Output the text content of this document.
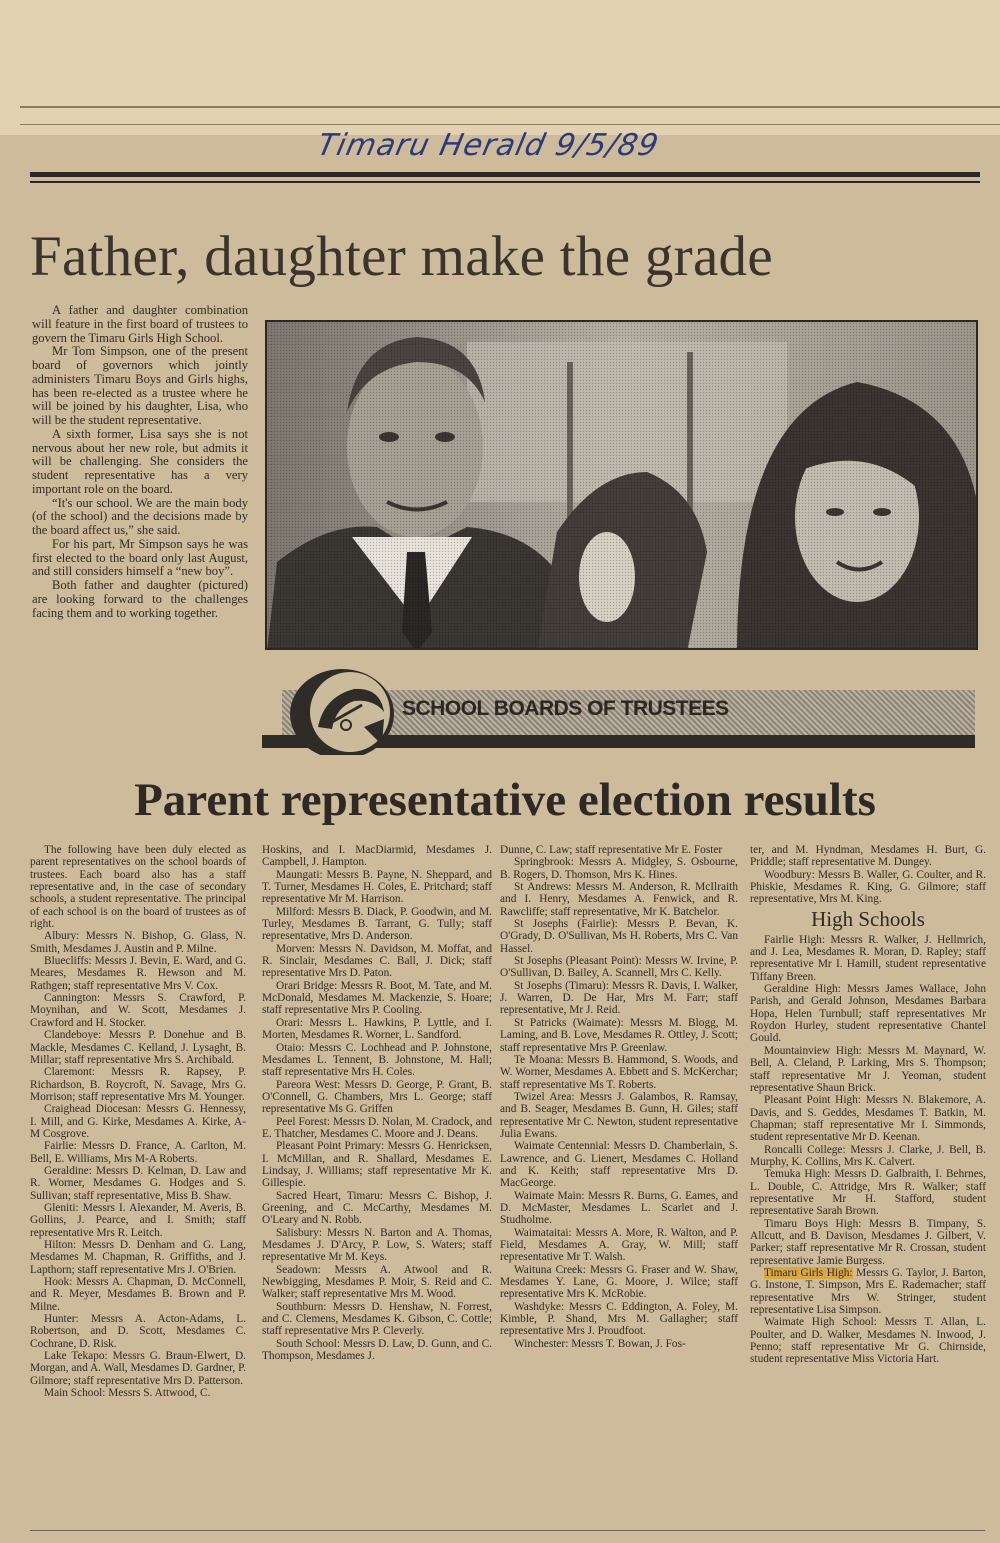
Timaru Herald 9/5/89
Father, daughter make the grade

A father and daughter combination will feature in the first board of trustees to govern the Timaru Girls High School.

Mr Tom Simpson, one of the present board of governors which jointly administers Timaru Boys and Girls highs, has been re-elected as a trustee where he will be joined by his daughter, Lisa, who will be the student representative.

A sixth former, Lisa says she is not nervous about her new role, but admits it will be challenging. She considers the student representative has a very important role on the board.

“It's our school. We are the main body (of the school) and the decisions made by the board affect us,” she said.

For his part, Mr Simpson says he was first elected to the board only last August, and still considers himself a “new boy”.

Both father and daughter (pictured) are looking forward to the challenges facing them and to working together.

SCHOOL BOARDS OF TRUSTEES
Parent representative election results

The following have been duly elected as parent representatives on the school boards of trustees. Each board also has a staff representative and, in the case of secondary schools, a student representative. The principal of each school is on the board of trustees as of right.

Albury: Messrs N. Bishop, G. Glass, N. Smith, Mesdames J. Austin and P. Milne.

Bluecliffs: Messrs J. Bevin, E. Ward, and G. Meares, Mesdames R. Hewson and M. Rathgen; staff representative Mrs V. Cox.

Cannington: Messrs S. Crawford, P. Moynihan, and W. Scott, Mesdames J. Crawford and H. Stocker.

Clandeboye: Messrs P. Donehue and B. Mackle, Mesdames C. Kelland, J. Lysaght, B. Millar; staff representative Mrs S. Archibald.

Claremont: Messrs R. Rapsey, P. Richardson, B. Roycroft, N. Savage, Mrs G. Morrison; staff representative Mrs M. Younger.

Craighead Diocesan: Messrs G. Hennessy, I. Mill, and G. Kirke, Mesdames A. Kirke, A-M Cosgrove.

Fairlie: Messrs D. France, A. Carlton, M. Bell, E. Williams, Mrs M-A Roberts.

Geraldine: Messrs D. Kelman, D. Law and R. Worner, Mesdames G. Hodges and S. Sullivan; staff representative, Miss B. Shaw.

Gleniti: Messrs I. Alexander, M. Averis, B. Gollins, J. Pearce, and I. Smith; staff representative Mrs R. Leitch.

Hilton: Messrs D. Denham and G. Lang, Mesdames M. Chapman, R. Griffiths, and J. Lapthorn; staff representative Mrs J. O'Brien.

Hook: Messrs A. Chapman, D. McConnell, and R. Meyer, Mesdames B. Brown and P. Milne.

Hunter: Messrs A. Acton-Adams, L. Robertson, and D. Scott, Mesdames C. Cochrane, D. Risk.

Lake Tekapo: Messrs G. Braun-Elwert, D. Morgan, and A. Wall, Mesdames D. Gardner, P. Gilmore; staff representative Mrs D. Patterson.

Main School: Messrs S. Attwood, C.

Hoskins, and I. MacDiarmid, Mesdames J. Campbell, J. Hampton.

Maungati: Messrs B. Payne, N. Sheppard, and T. Turner, Mesdames H. Coles, E. Pritchard; staff representative Mr M. Harrison.

Milford: Messrs B. Diack, P. Goodwin, and M. Turley, Mesdames B. Tarrant, G. Tully; staff representative, Mrs D. Anderson.

Morven: Messrs N. Davidson, M. Moffat, and R. Sinclair, Mesdames C. Ball, J. Dick; staff representative Mrs D. Paton.

Orari Bridge: Messrs R. Boot, M. Tate, and M. McDonald, Mesdames M. Mackenzie, S. Hoare; staff representative Mrs P. Cooling.

Orari: Messrs L. Hawkins, P. Lyttle, and I. Morten, Mesdames R. Worner, L. Sandford.

Otaio: Messrs C. Lochhead and P. Johnstone, Mesdames L. Tennent, B. Johnstone, M. Hall; staff representative Mrs H. Coles.

Pareora West: Messrs D. George, P. Grant, B. O'Connell, G. Chambers, Mrs L. George; staff representative Ms G. Griffen

Peel Forest: Messrs D. Nolan, M. Cradock, and E. Thatcher, Mesdames C. Moore and J. Deans.

Pleasant Point Primary: Messrs G. Henricksen, I. McMillan, and R. Shallard, Mesdames E. Lindsay, J. Williams; staff representative Mr K. Gillespie.

Sacred Heart, Timaru: Messrs C. Bishop, J. Greening, and C. McCarthy, Mesdames M. O'Leary and N. Robb.

Salisbury: Messrs N. Barton and A. Thomas, Mesdames J. D'Arcy, P. Low, S. Waters; staff representative Mr M. Keys.

Seadown: Messrs A. Atwool and R. Newbigging, Mesdames P. Moir, S. Reid and C. Walker; staff representative Mrs M. Wood.

Southburn: Messrs D. Henshaw, N. Forrest, and C. Clemens, Mesdames K. Gibson, C. Cottle; staff representative Mrs P. Cleverly.

South School: Messrs D. Law, D. Gunn, and C. Thompson, Mesdames J.

Dunne, C. Law; staff representative Mr E. Foster

Springbrook: Messrs A. Midgley, S. Osbourne, B. Rogers, D. Thomson, Mrs K. Hines.

St Andrews: Messrs M. Anderson, R. McIlraith and I. Henry, Mesdames A. Fenwick, and R. Rawcliffe; staff representative, Mr K. Batchelor.

St Josephs (Fairlie): Messrs P. Bevan, K. O'Grady, D. O'Sullivan, Ms H. Roberts, Mrs C. Van Hassel.

St Josephs (Pleasant Point): Messrs W. Irvine, P. O'Sullivan, D. Bailey, A. Scannell, Mrs C. Kelly.

St Josephs (Timaru): Messrs R. Davis, I. Walker, J. Warren, D. De Har, Mrs M. Farr; staff representative, Mr J. Reid.

St Patricks (Waimate): Messrs M. Blogg, M. Laming, and B. Love, Mesdames R. Ottley, J. Scott; staff representative Mrs P. Greenlaw.

Te Moana: Messrs B. Hammond, S. Woods, and W. Worner, Mesdames A. Ebbett and S. McKerchar; staff representative Ms T. Roberts.

Twizel Area: Messrs J. Galambos, R. Ramsay, and B. Seager, Mesdames B. Gunn, H. Giles; staff representative Mr C. Newton, student representative Julia Ewans.

Waimate Centennial: Messrs D. Chamberlain, S. Lawrence, and G. Lienert, Mesdames C. Holland and K. Keith; staff representative Mrs D. MacGeorge.

Waimate Main: Messrs R. Burns, G. Eames, and D. McMaster, Mesdames L. Scarlet and J. Studholme.

Waimataitai: Messrs A. More, R. Walton, and P. Field, Mesdames A. Gray, W. Mill; staff representative Mr T. Walsh.

Waituna Creek: Messrs G. Fraser and W. Shaw, Mesdames Y. Lane, G. Moore, J. Wilce; staff representative Mrs K. McRobie.

Washdyke: Messrs C. Eddington, A. Foley, M. Kimble, P. Shand, Mrs M. Gallagher; staff representative Mrs J. Proudfoot.

Winchester: Messrs T. Bowan, J. Fos-

ter, and M. Hyndman, Mesdames H. Burt, G. Priddle; staff representative M. Dungey.

Woodbury: Messrs B. Waller, G. Coulter, and R. Phiskie, Mesdames R. King, G. Gilmore; staff representative, Mrs M. King.

High Schools

Fairlie High: Messrs R. Walker, J. Hellmrich, and J. Lea, Mesdames R. Moran, D. Rapley; staff representative Mr I. Hamill, student representative Tiffany Breen.

Geraldine High: Messrs James Wallace, John Parish, and Gerald Johnson, Mesdames Barbara Hopa, Helen Turnbull; staff representatives Mr Roydon Hurley, student representative Chantel Gould.

Mountainview High: Messrs M. Maynard, W. Bell, A. Cleland, P. Larking, Mrs S. Thompson; staff representative Mr J. Yeoman, student representative Shaun Brick.

Pleasant Point High: Messrs N. Blakemore, A. Davis, and S. Geddes, Mesdames T. Batkin, M. Chapman; staff representative Mr I. Simmonds, student representative Mr D. Keenan.

Roncalli College: Messrs J. Clarke, J. Bell, B. Murphy, K. Collins, Mrs K. Calvert.

Temuka High: Messrs D. Galbraith, I. Behrnes, L. Double, C. Attridge, Mrs R. Walker; staff representative Mr H. Stafford, student representative Sarah Brown.

Timaru Boys High: Messrs B. Timpany, S. Allcutt, and B. Davison, Mesdames J. Gilbert, V. Parker; staff representative Mr R. Crossan, student representative Jamie Burgess.

Timaru Girls High: Messrs G. Taylor, J. Barton, G. Instone, T. Simpson, Mrs E. Rademacher; staff representative Mrs W. Stringer, student representative Lisa Simpson.

Waimate High School: Messrs T. Allan, L. Poulter, and D. Walker, Mesdames N. Inwood, J. Penno; staff representative Mr G. Chirnside, student representative Miss Victoria Hart.
